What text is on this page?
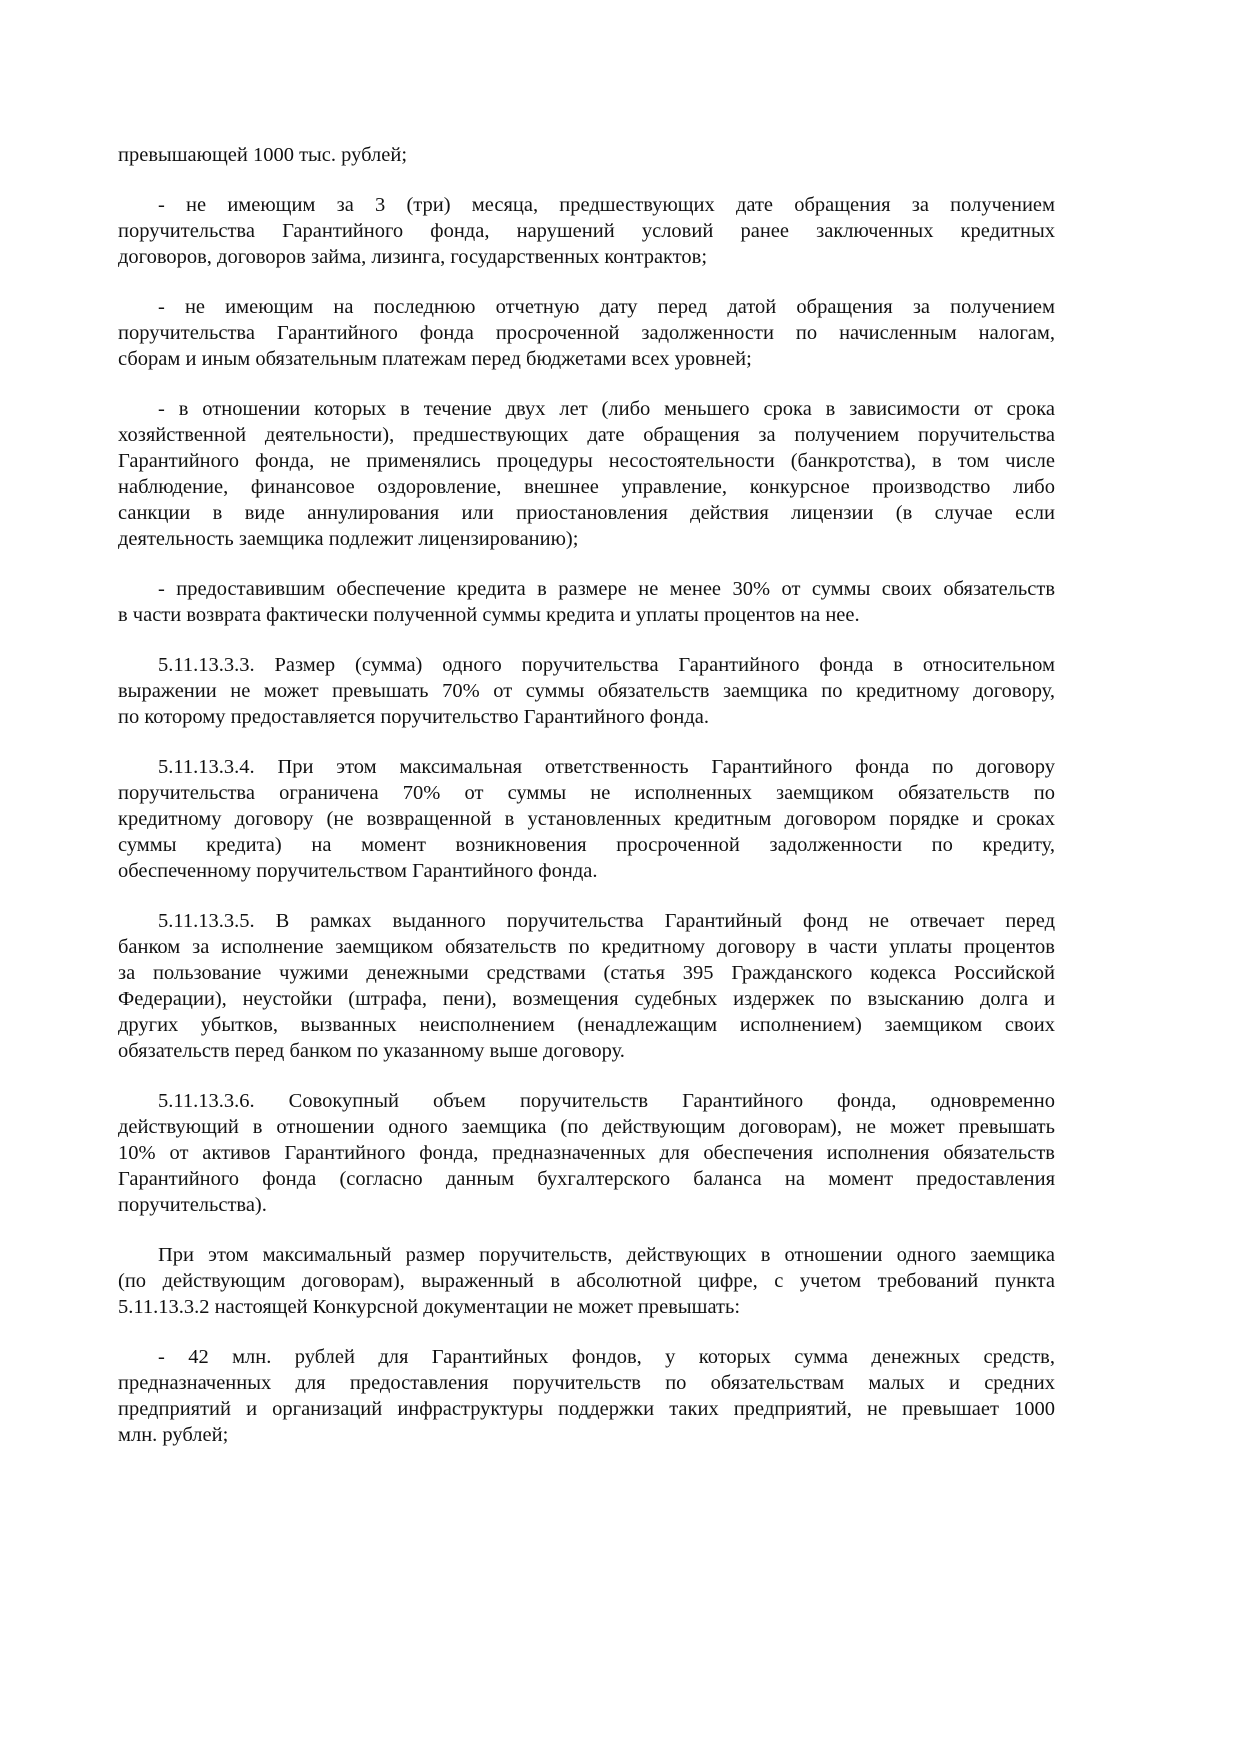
превышающей 1000 тыс. рублей;
- не имеющим за 3 (три) месяца, предшествующих дате обращения за получением
поручительства Гарантийного фонда, нарушений условий ранее заключенных кредитных
договоров, договоров займа, лизинга, государственных контрактов;
- не имеющим на последнюю отчетную дату перед датой обращения за получением
поручительства Гарантийного фонда просроченной задолженности по начисленным налогам,
сборам и иным обязательным платежам перед бюджетами всех уровней;
- в отношении которых в течение двух лет (либо меньшего срока в зависимости от срока
хозяйственной деятельности), предшествующих дате обращения за получением поручительства
Гарантийного фонда, не применялись процедуры несостоятельности (банкротства), в том числе
наблюдение, финансовое оздоровление, внешнее управление, конкурсное производство либо
санкции в виде аннулирования или приостановления действия лицензии (в случае если
деятельность заемщика подлежит лицензированию);
- предоставившим обеспечение кредита в размере не менее 30% от суммы своих обязательств
в части возврата фактически полученной суммы кредита и уплаты процентов на нее.
5.11.13.3.3. Размер (сумма) одного поручительства Гарантийного фонда в относительном
выражении не может превышать 70% от суммы обязательств заемщика по кредитному договору,
по которому предоставляется поручительство Гарантийного фонда.
5.11.13.3.4. При этом максимальная ответственность Гарантийного фонда по договору
поручительства ограничена 70% от суммы не исполненных заемщиком обязательств по
кредитному договору (не возвращенной в установленных кредитным договором порядке и сроках
суммы кредита) на момент возникновения просроченной задолженности по кредиту,
обеспеченному поручительством Гарантийного фонда.
5.11.13.3.5. В рамках выданного поручительства Гарантийный фонд не отвечает перед
банком за исполнение заемщиком обязательств по кредитному договору в части уплаты процентов
за пользование чужими денежными средствами (статья 395 Гражданского кодекса Российской
Федерации), неустойки (штрафа, пени), возмещения судебных издержек по взысканию долга и
других убытков, вызванных неисполнением (ненадлежащим исполнением) заемщиком своих
обязательств перед банком по указанному выше договору.
5.11.13.3.6. Совокупный объем поручительств Гарантийного фонда, одновременно
действующий в отношении одного заемщика (по действующим договорам), не может превышать
10% от активов Гарантийного фонда, предназначенных для обеспечения исполнения обязательств
Гарантийного фонда (согласно данным бухгалтерского баланса на момент предоставления
поручительства).
При этом максимальный размер поручительств, действующих в отношении одного заемщика
(по действующим договорам), выраженный в абсолютной цифре, с учетом требований пункта
5.11.13.3.2 настоящей Конкурсной документации не может превышать:
- 42 млн. рублей для Гарантийных фондов, у которых сумма денежных средств,
предназначенных для предоставления поручительств по обязательствам малых и средних
предприятий и организаций инфраструктуры поддержки таких предприятий, не превышает 1000
млн. рублей;
